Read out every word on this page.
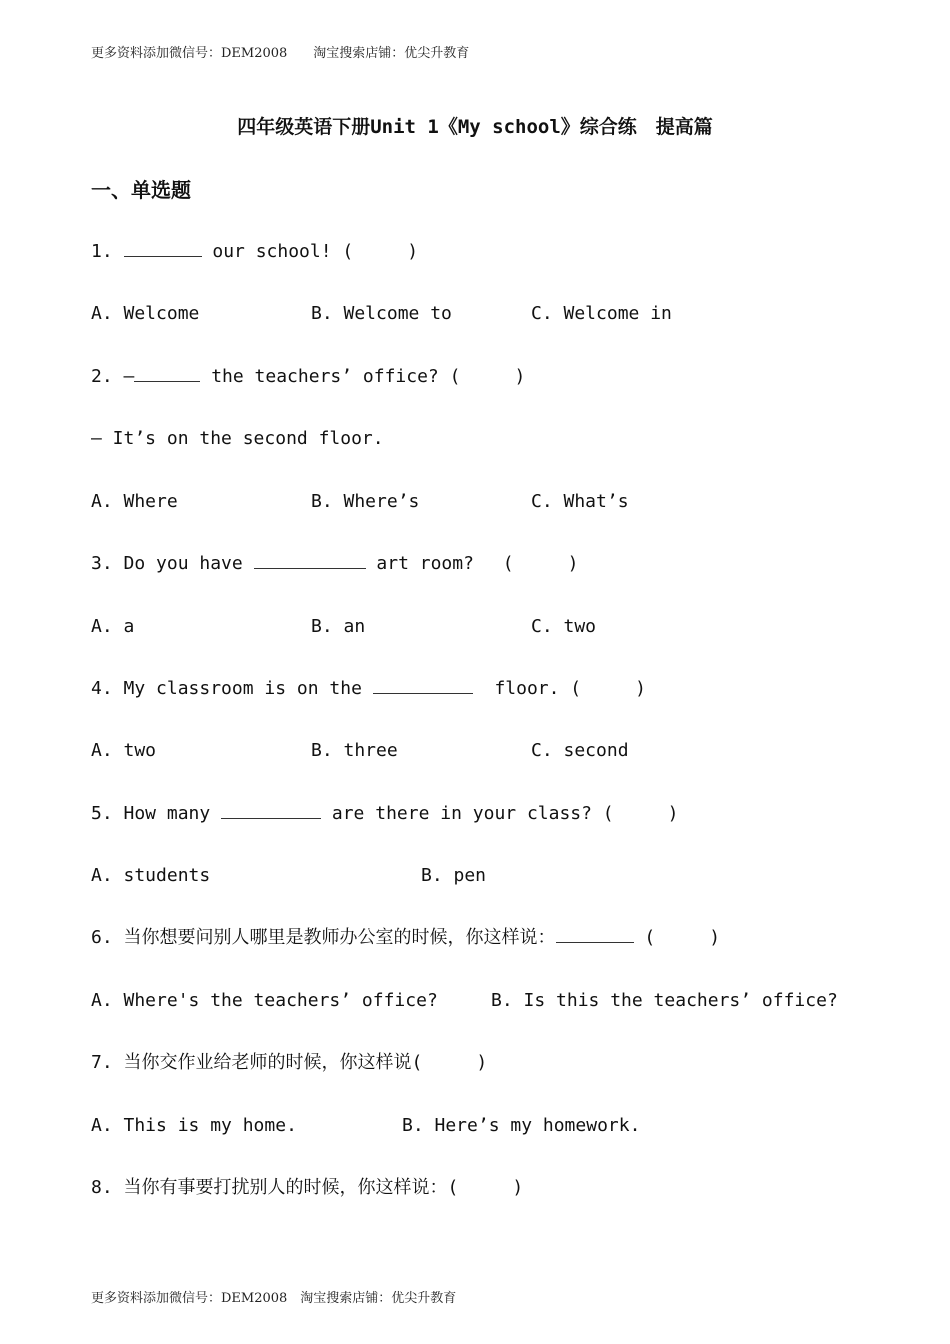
更多资料添加微信号：DEM2008　　淘宝搜索店铺：优尖升教育
四年级英语下册Unit 1《My school》综合练　提高篇
一、单选题
1.	our school! (　　　)
A. Welcome	B. Welcome to	C. Welcome in
2. —	the teachers’ office? (　　　)
— It’s on the second floor.
A. Where	B. Where’s	C. What’s
3. Do you have	art room?　 (　　　)
A. a	B. an	C. two
4. My classroom is on the	floor. (　　　)
A. two	B. three	C. second
5. How many	are there in your class? (　　　)
A. students	B. pen
6. 当你想要问别人哪里是教师办公室的时候，你这样说：	(　　　)
A. Where's the teachers’ office?	B. Is this the teachers’ office?
7. 当你交作业给老师的时候，你这样说(　　　)
A. This is my home.	B. Here’s my homework.
8. 当你有事要打扰别人的时候，你这样说：(　　　)
更多资料添加微信号：DEM2008　淘宝搜索店铺：优尖升教育
